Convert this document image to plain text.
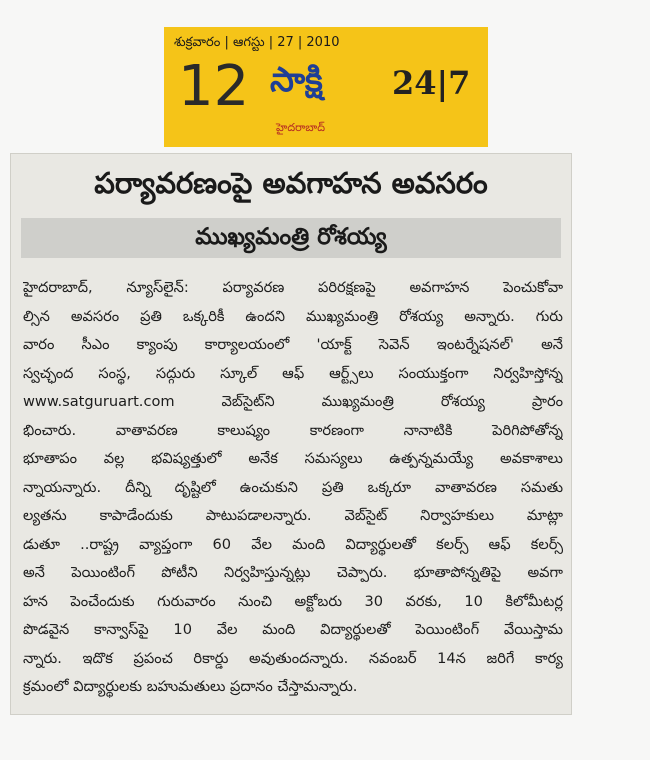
శుక్రవారం | ఆగస్టు | 27 | 2010
12 సాక్షి 24|7
హైదరాబాద్
పర్యావరణంపై అవగాహన అవసరం
ముఖ్యమంత్రి రోశయ్య
హైదరాబాద్, న్యూస్‌లైన్: పర్యావరణ పరిరక్షణపై అవగాహన పెంచుకోవా
ల్సిన అవసరం ప్రతి ఒక్కరికీ ఉందని ముఖ్యమంత్రి రోశయ్య అన్నారు. గురు
వారం సీఎం క్యాంపు కార్యాలయంలో 'యాక్ట్ సెవెన్ ఇంటర్నేషనల్' అనే
స్వచ్ఛంద సంస్థ, సద్గురు స్కూల్ ఆఫ్ ఆర్ట్స్‌లు సంయుక్తంగా నిర్వహిస్తోన్న
www.satguruart.com వెబ్‌సైట్‌ని ముఖ్యమంత్రి రోశయ్య ప్రారం
భించారు. వాతావరణ కాలుష్యం కారణంగా నానాటికి పెరిగిపోతోన్న
భూతాపం వల్ల భవిష్యత్తులో అనేక సమస్యలు ఉత్పన్నమయ్యే అవకాశాలు
న్నాయన్నారు. దీన్ని దృష్టిలో ఉంచుకుని ప్రతి ఒక్కరూ వాతావరణ సమతు
ల్యతను కాపాడేందుకు పాటుపడాలన్నారు. వెబ్‌సైట్ నిర్వాహకులు మాట్లా
డుతూ ..రాష్ట్ర వ్యాప్తంగా 60 వేల మంది విద్యార్థులతో కలర్స్ ఆఫ్ కలర్స్
అనే పెయింటింగ్ పోటీని నిర్వహిస్తున్నట్లు చెప్పారు. భూతాపోన్నతిపై అవగా
హన పెంచేందుకు గురువారం నుంచి అక్టోబరు 30 వరకు, 10 కిలోమీటర్ల
పొడవైన కాన్వాస్‌పై 10 వేల మంది విద్యార్థులతో పెయింటింగ్ వేయిస్తామ
న్నారు. ఇదొక ప్రపంచ రికార్డు అవుతుందన్నారు. నవంబర్ 14న జరిగే కార్య
క్రమంలో విద్యార్థులకు బహుమతులు ప్రదానం చేస్తామన్నారు.
